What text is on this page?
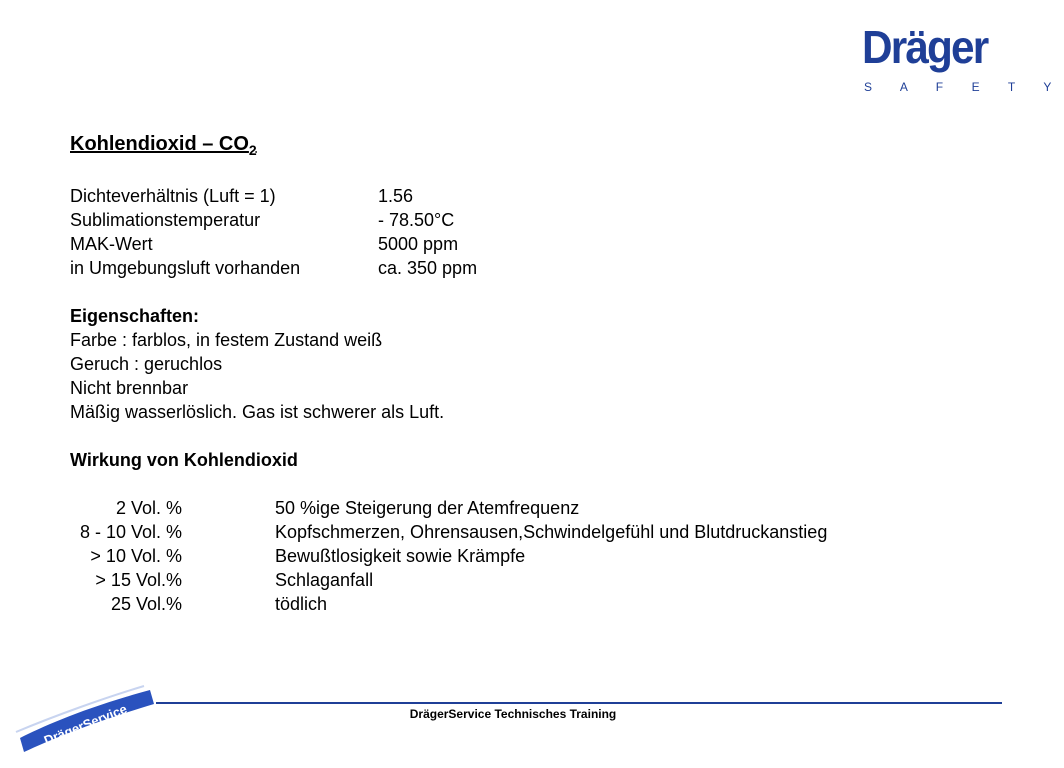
Dräger
S A F E T Y
Kohlendioxid – $CO_2$
Dichteverhältnis (Luft = 1)	1.56
Sublimationstemperatur	- 78.50°C
MAK-Wert	5000 ppm
in Umgebungsluft vorhanden	ca. 350 ppm
Eigenschaften:
Farbe : farblos, in festem Zustand weiß
Geruch : geruchlos
Nicht brennbar
Mäßig wasserlöslich. Gas ist schwerer als Luft.
Wirkung von Kohlendioxid
2 Vol. %	50 %ige Steigerung der Atemfrequenz
8 - 10 Vol. %	Kopfschmerzen, Ohrensausen,Schwindelgefühl und Blutdruckanstieg
> 10 Vol. %	Bewußtlosigkeit sowie Krämpfe
> 15 Vol.%	Schlaganfall
25 Vol.%	tödlich
DrägerService	DrägerService Technisches Training
